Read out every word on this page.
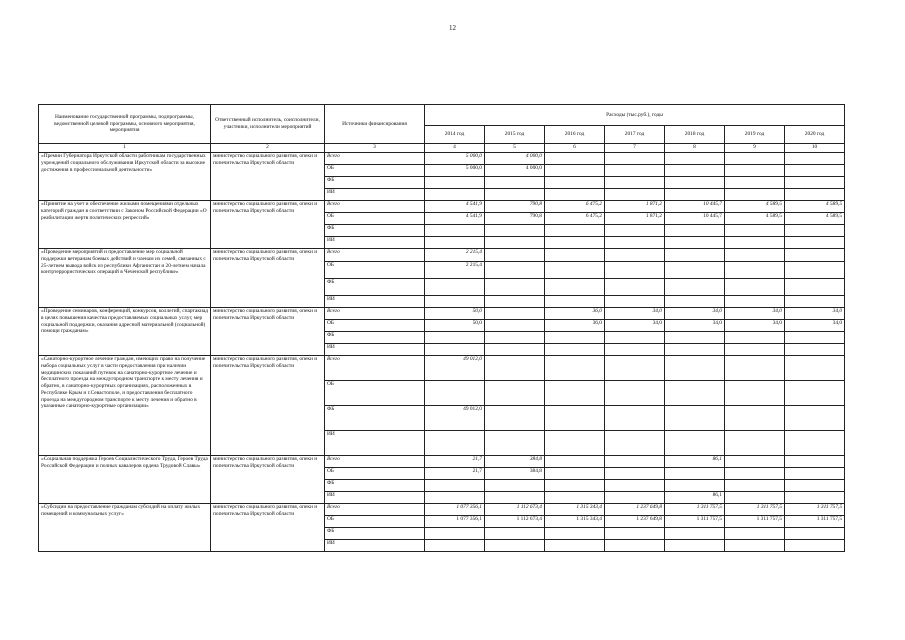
12
Наименование государственной программы, подпрограммы, ведомственной целевой программы, основного мероприятия, мероприятия	Ответственный исполнитель, соисполнители, участники, исполнители мероприятий	Источники финансирования	Расходы (тыс.руб.), годы						
			2014 год	2015 год	2016 год	2017 год	2018 год	2019 год	2020 год
1	2	3	4	5	6	7	8	9	10
«Премии Губернатора Иркутской области работникам государственных учреждений социального обслуживания Иркутской области за высокие достижения в профессиональной деятельности»	министерство социального развития, опеки и попечительства Иркутской области	Всего	5 000,0	4 000,0					
		ОБ	5 000,0	4 000,0					
		ФБ							
		ИИ							
«Принятие на учет и обеспечение жилыми помещениями отдельных категорий граждан в соответствии с Законом Российской Федерации «О реабилитации жертв политических репрессий»	министерство социального развития, опеки и попечительства Иркутской области	Всего	4 541,9	790,8	6 475,2	1 871,2	10 445,7	4 589,5	4 589,5
		ОБ	4 541,9	790,8	6 475,2	1 871,2	10 445,7	4 589,5	4 589,5
		ФБ							
		ИИ							
«Проведение мероприятий и предоставление мер социальной поддержки ветеранам боевых действий и членам их семей, связанных с 25-летием вывода войск из республики Афганистан и 20-летием начала контртеррористических операций в Чеченской республике»	министерство социального развития, опеки и попечительства Иркутской области	Всего	2 215,4						
		ОБ	2 215,4						
		ФБ							
		ИИ							
«Проведение семинаров, конференций, конкурсов, коллегий, спартакиад в целях повышения качества предоставляемых социальных услуг, мер социальной поддержки, оказания адресной материальной (социальной) помощи гражданам»	министерство социального развития, опеки и попечительства Иркутской области	Всего	50,0		36,0	34,0	34,0	34,0	34,0
		ОБ	50,0		36,0	34,0	34,0	34,0	34,0
		ФБ							
		ИИ							
«Санаторно-курортное лечение граждан, имеющих право на получение набора социальных услуг в части предоставления при наличии медицинских показаний путевок на санаторно-курортное лечение и бесплатного проезда на междугородном транспорте к месту лечения и обратно, в санаторно-курортных организациях, расположенных в Республике Крым и г.Севастополе, и предоставления бесплатного проезда на междугородном транспорте к месту лечения и обратно в указанные санаторно-курортные организации»	министерство социального развития, опеки и попечительства Иркутской области	Всего	49 012,0						
		ОБ							
		ФБ	49 012,0						
		ИИ							
«Социальная поддержка Героев Социалистического Труда, Героев Труда Российской Федерации и полных кавалеров ордена Трудовой Славы»	министерство социального развития, опеки и попечительства Иркутской области	Всего	21,7	384,8			86,1		
		ОБ	21,7	384,8					
		ФБ							
		ИИ					86,1		
«Субсидии на предоставление гражданам субсидий на оплату жилых помещений и коммунальных услуг»	министерство социального развития, опеки и попечительства Иркутской области	Всего	1 077 356,1	1 112 673,4	1 315 343,4	1 237 649,8	1 311 757,5	1 311 757,5	1 311 757,5
		ОБ	1 077 356,1	1 112 673,4	1 315 343,4	1 237 649,8	1 311 757,5	1 311 757,5	1 311 757,5
		ФБ							
		ИИ							
